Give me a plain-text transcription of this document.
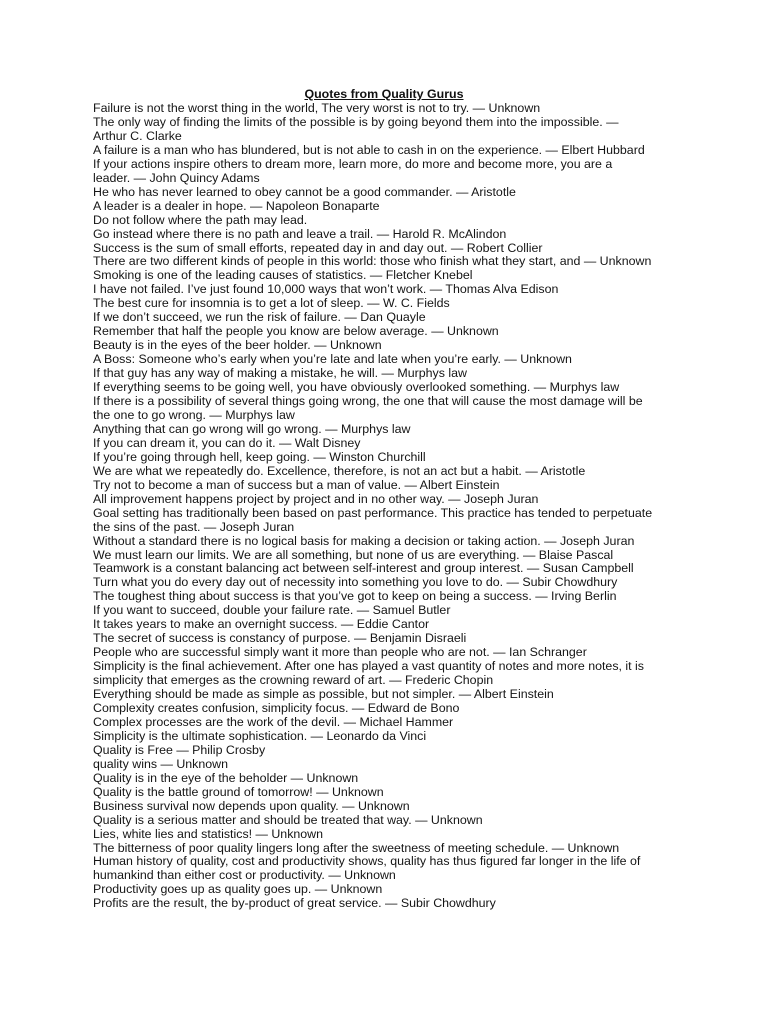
Quotes from Quality Gurus
Failure is not the worst thing in the world, The very worst is not to try. — Unknown
The only way of finding the limits of the possible is by going beyond them into the impossible. —
Arthur C. Clarke
A failure is a man who has blundered, but is not able to cash in on the experience. — Elbert Hubbard
If your actions inspire others to dream more, learn more, do more and become more, you are a
leader. — John Quincy Adams
He who has never learned to obey cannot be a good commander. — Aristotle
A leader is a dealer in hope. — Napoleon Bonaparte
Do not follow where the path may lead.
Go instead where there is no path and leave a trail. — Harold R. McAlindon
Success is the sum of small efforts, repeated day in and day out. — Robert Collier
There are two different kinds of people in this world: those who finish what they start, and — Unknown
Smoking is one of the leading causes of statistics. — Fletcher Knebel
I have not failed. I’ve just found 10,000 ways that won’t work. — Thomas Alva Edison
The best cure for insomnia is to get a lot of sleep. — W. C. Fields
If we don’t succeed, we run the risk of failure. — Dan Quayle
Remember that half the people you know are below average. — Unknown
Beauty is in the eyes of the beer holder. — Unknown
A Boss: Someone who’s early when you’re late and late when you’re early. — Unknown
If that guy has any way of making a mistake, he will. — Murphys law
If everything seems to be going well, you have obviously overlooked something. — Murphys law
If there is a possibility of several things going wrong, the one that will cause the most damage will be
the one to go wrong. — Murphys law
Anything that can go wrong will go wrong. — Murphys law
If you can dream it, you can do it. — Walt Disney
If you’re going through hell, keep going. — Winston Churchill
We are what we repeatedly do. Excellence, therefore, is not an act but a habit. — Aristotle
Try not to become a man of success but a man of value. — Albert Einstein
All improvement happens project by project and in no other way. — Joseph Juran
Goal setting has traditionally been based on past performance. This practice has tended to perpetuate
the sins of the past. — Joseph Juran
Without a standard there is no logical basis for making a decision or taking action. — Joseph Juran
We must learn our limits. We are all something, but none of us are everything. — Blaise Pascal
Teamwork is a constant balancing act between self-interest and group interest. — Susan Campbell
Turn what you do every day out of necessity into something you love to do. — Subir Chowdhury
The toughest thing about success is that you’ve got to keep on being a success. — Irving Berlin
If you want to succeed, double your failure rate. — Samuel Butler
It takes years to make an overnight success. — Eddie Cantor
The secret of success is constancy of purpose. — Benjamin Disraeli
People who are successful simply want it more than people who are not. — Ian Schranger
Simplicity is the final achievement. After one has played a vast quantity of notes and more notes, it is
simplicity that emerges as the crowning reward of art. — Frederic Chopin
Everything should be made as simple as possible, but not simpler. — Albert Einstein
Complexity creates confusion, simplicity focus. — Edward de Bono
Complex processes are the work of the devil. — Michael Hammer
Simplicity is the ultimate sophistication. — Leonardo da Vinci
Quality is Free — Philip Crosby
quality wins — Unknown
Quality is in the eye of the beholder — Unknown
Quality is the battle ground of tomorrow! — Unknown
Business survival now depends upon quality. — Unknown
Quality is a serious matter and should be treated that way. — Unknown
Lies, white lies and statistics! — Unknown
The bitterness of poor quality lingers long after the sweetness of meeting schedule. — Unknown
Human history of quality, cost and productivity shows, quality has thus figured far longer in the life of
humankind than either cost or productivity. — Unknown
Productivity goes up as quality goes up. — Unknown
Profits are the result, the by-product of great service. — Subir Chowdhury
